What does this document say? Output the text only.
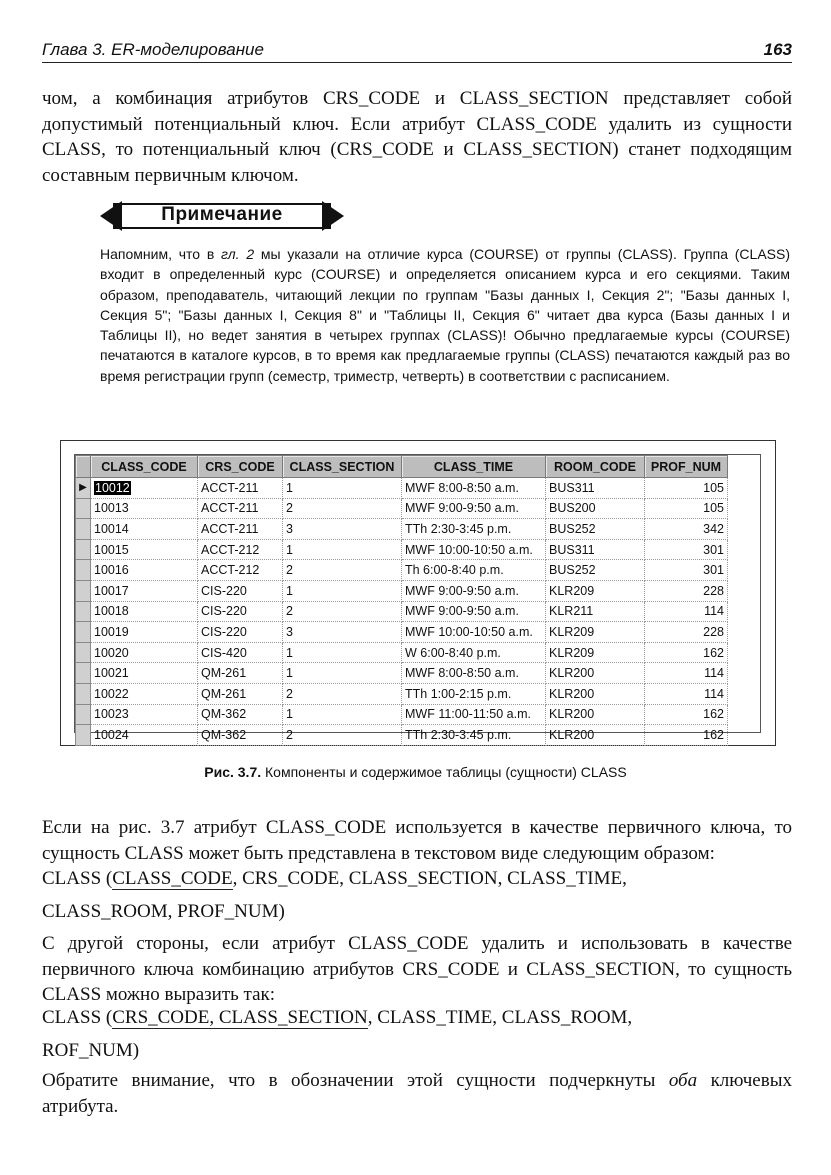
Глава 3. ER-моделирование	163
чом, а комбинация атрибутов CRS_CODE и CLASS_SECTION представляет собой допустимый потенциальный ключ. Если атрибут CLASS_CODE удалить из сущности CLASS, то потенциальный ключ (CRS_CODE и CLASS_SECTION) станет подходящим составным первичным ключом.
Примечание
Напомним, что в гл. 2 мы указали на отличие курса (COURSE) от группы (CLASS). Группа (CLASS) входит в определенный курс (COURSE) и определяется описанием курса и его секциями. Таким образом, преподаватель, читающий лекции по группам "Базы данных I, Секция 2"; "Базы данных I, Секция 5"; "Базы данных I, Секция 8" и "Таблицы II, Секция 6" читает два курса (Базы данных I и Таблицы II), но ведет занятия в четырех группах (CLASS)! Обычно предлагаемые курсы (COURSE) печатаются в каталоге курсов, в то время как предлагаемые группы (CLASS) печатаются каждый раз во время регистрации групп (семестр, триместр, четверть) в соответствии с расписанием.
	CLASS_CODE	CRS_CODE	CLASS_SECTION	CLASS_TIME	ROOM_CODE	PROF_NUM
▶	10012	ACCT-211	1	MWF 8:00-8:50 a.m.	BUS311	105
	10013	ACCT-211	2	MWF 9:00-9:50 a.m.	BUS200	105
	10014	ACCT-211	3	TTh 2:30-3:45 p.m.	BUS252	342
	10015	ACCT-212	1	MWF 10:00-10:50 a.m.	BUS311	301
	10016	ACCT-212	2	Th 6:00-8:40 p.m.	BUS252	301
	10017	CIS-220	1	MWF 9:00-9:50 a.m.	KLR209	228
	10018	CIS-220	2	MWF 9:00-9:50 a.m.	KLR211	114
	10019	CIS-220	3	MWF 10:00-10:50 a.m.	KLR209	228
	10020	CIS-420	1	W 6:00-8:40 p.m.	KLR209	162
	10021	QM-261	1	MWF 8:00-8:50 a.m.	KLR200	114
	10022	QM-261	2	TTh 1:00-2:15 p.m.	KLR200	114
	10023	QM-362	1	MWF 11:00-11:50 a.m.	KLR200	162
	10024	QM-362	2	TTh 2:30-3:45 p.m.	KLR200	162
Рис. 3.7. Компоненты и содержимое таблицы (сущности) CLASS
Если на рис. 3.7 атрибут CLASS_CODE используется в качестве первичного ключа, то сущность CLASS может быть представлена в текстовом виде следующим образом:
CLASS (CLASS_CODE, CRS_CODE, CLASS_SECTION, CLASS_TIME,
CLASS_ROOM, PROF_NUM)
С другой стороны, если атрибут CLASS_CODE удалить и использовать в качестве первичного ключа комбинацию атрибутов CRS_CODE и CLASS_SECTION, то сущность CLASS можно выразить так:
CLASS (CRS_CODE, CLASS_SECTION, CLASS_TIME, CLASS_ROOM,
ROF_NUM)
Обратите внимание, что в обозначении этой сущности подчеркнуты оба ключевых атрибута.
